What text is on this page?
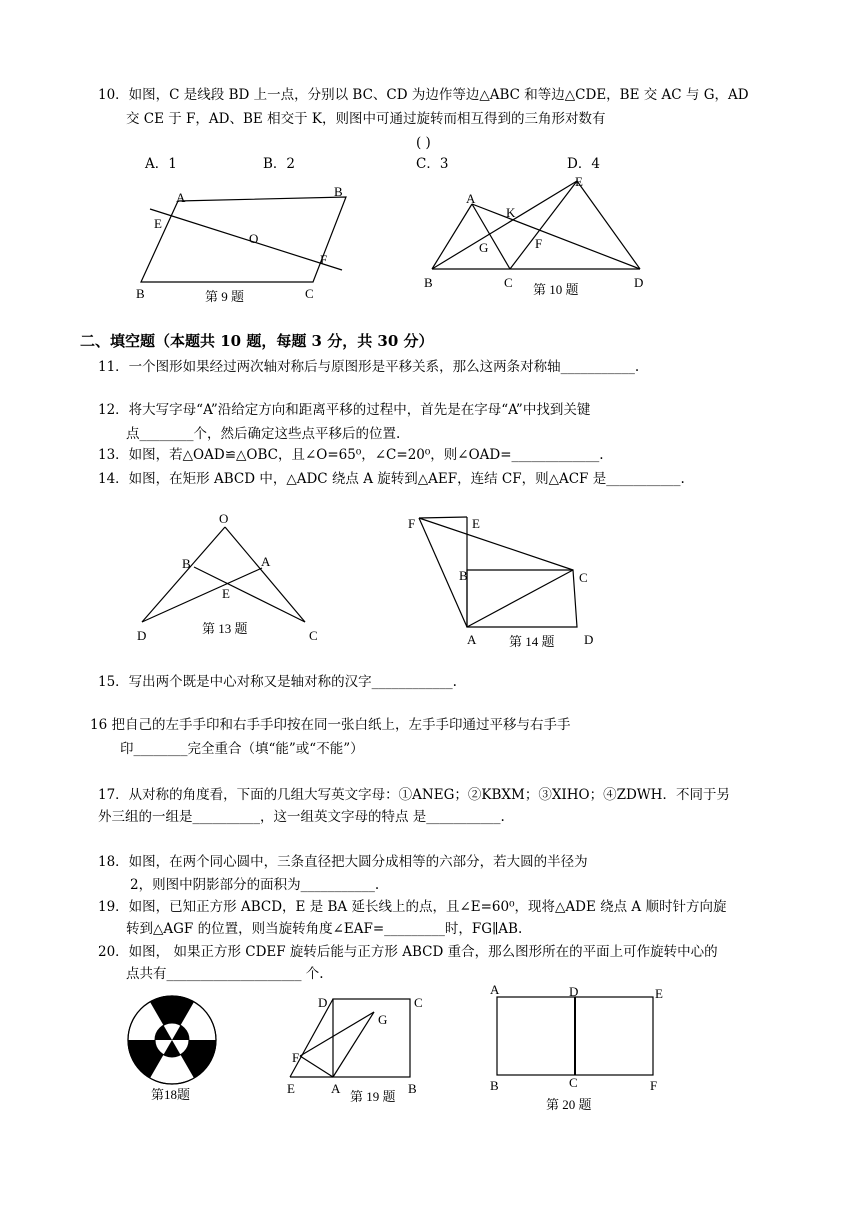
10．如图，C 是线段 BD 上一点，分别以 BC、CD 为边作等边△ABC 和等边△CDE，BE 交 AC 与 G，AD
交 CE 于 F，AD、BE 相交于 K，则图中可通过旋转而相互得到的三角形对数有
( )
A．1	B．2	C．3	D．4
二、填空题（本题共 10 题，每题 3 分，共 30 分）
11．一个图形如果经过两次轴对称后与原图形是平移关系，那么这两条对称轴___________.
12．将大写字母“A”沿给定方向和距离平移的过程中，首先是在字母“A”中找到关键
点________个，然后确定这些点平移后的位置.
13．如图，若△OAD≌△OBC，且∠O=65⁰，∠C=20⁰，则∠OAD=_____________.
14．如图，在矩形 ABCD 中，△ADC 绕点 A 旋转到△AEF，连结 CF，则△ACF 是___________.
15．写出两个既是中心对称又是轴对称的汉字____________.
16 把自己的左手手印和右手手印按在同一张白纸上，左手手印通过平移与右手手
印________完全重合（填“能”或“不能”）
17．从对称的角度看，下面的几组大写英文字母：①ANEG；②KBXM；③XIHO；④ZDWH．不同于另
外三组的一组是__________，这一组英文字母的特点 是___________.
18．如图，在两个同心圆中，三条直径把大圆分成相等的六部分，若大圆的半径为
2，则图中阴影部分的面积为___________.
19．如图，已知正方形 ABCD，E 是 BA 延长线上的点，且∠E=60⁰，现将△ADE 绕点 A 顺时针方向旋
转到△AGF 的位置，则当旋转角度∠EAF=_________时，FG∥AB.
20．如图， 如果正方形 CDEF 旋转后能与正方形 ABCD 重合，那么图形所在的平面上可作旋转中心的
点共有____________________ 个.
A	B
E
O
F
B	C
第 9 题
A
E
K
G	F
B	C	D
第 10 题
O
B	A
E
D	C
第 13 题
F	E
B	C
A	D
第 14 题
第18题
D	C
G
F
E	A	B
第 19 题
A	D	E
B	C	F
第 20 题
